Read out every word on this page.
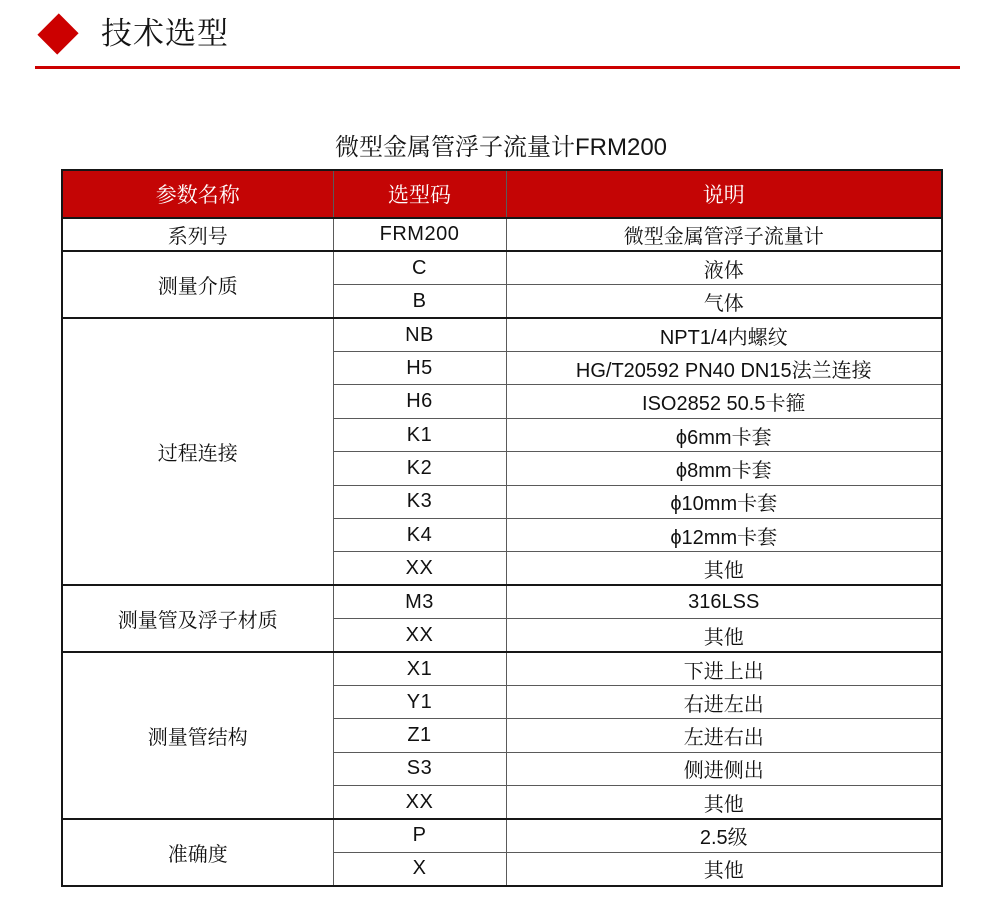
技术选型
微型金属管浮子流量计FRM200
参数名称	选型码	说明
系列号	FRM200	微型金属管浮子流量计
测量介质	C	液体
	B	气体
过程连接	NB	NPT1/4内螺纹
	H5	HG/T20592 PN40 DN15法兰连接
	H6	ISO2852 50.5卡箍
	K1	ϕ6mm卡套
	K2	ϕ8mm卡套
	K3	ϕ10mm卡套
	K4	ϕ12mm卡套
	XX	其他
测量管及浮子材质	M3	316LSS
	XX	其他
测量管结构	X1	下进上出
	Y1	右进左出
	Z1	左进右出
	S3	侧进侧出
	XX	其他
准确度	P	2.5级
	X	其他
